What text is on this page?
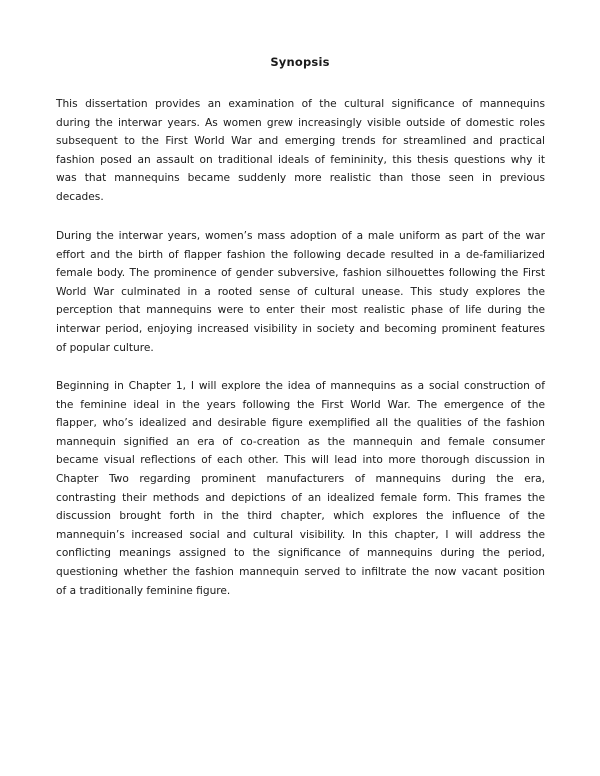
Synopsis
This dissertation provides an examination of the cultural significance of mannequins
during the interwar years. As women grew increasingly visible outside of domestic roles
subsequent to the First World War and emerging trends for streamlined and practical
fashion posed an assault on traditional ideals of femininity, this thesis questions why it
was that mannequins became suddenly more realistic than those seen in previous
decades.
During the interwar years, women’s mass adoption of a male uniform as part of the war
effort and the birth of flapper fashion the following decade resulted in a de-familiarized
female body. The prominence of gender subversive, fashion silhouettes following the First
World War culminated in a rooted sense of cultural unease. This study explores the
perception that mannequins were to enter their most realistic phase of life during the
interwar period, enjoying increased visibility in society and becoming prominent features
of popular culture.
Beginning in Chapter 1, I will explore the idea of mannequins as a social construction of
the feminine ideal in the years following the First World War. The emergence of the
flapper, who’s idealized and desirable figure exemplified all the qualities of the fashion
mannequin signified an era of co-creation as the mannequin and female consumer
became visual reflections of each other. This will lead into more thorough discussion in
Chapter Two regarding prominent manufacturers of mannequins during the era,
contrasting their methods and depictions of an idealized female form. This frames the
discussion brought forth in the third chapter, which explores the influence of the
mannequin’s increased social and cultural visibility. In this chapter, I will address the
conflicting meanings assigned to the significance of mannequins during the period,
questioning whether the fashion mannequin served to infiltrate the now vacant position
of a traditionally feminine figure.
